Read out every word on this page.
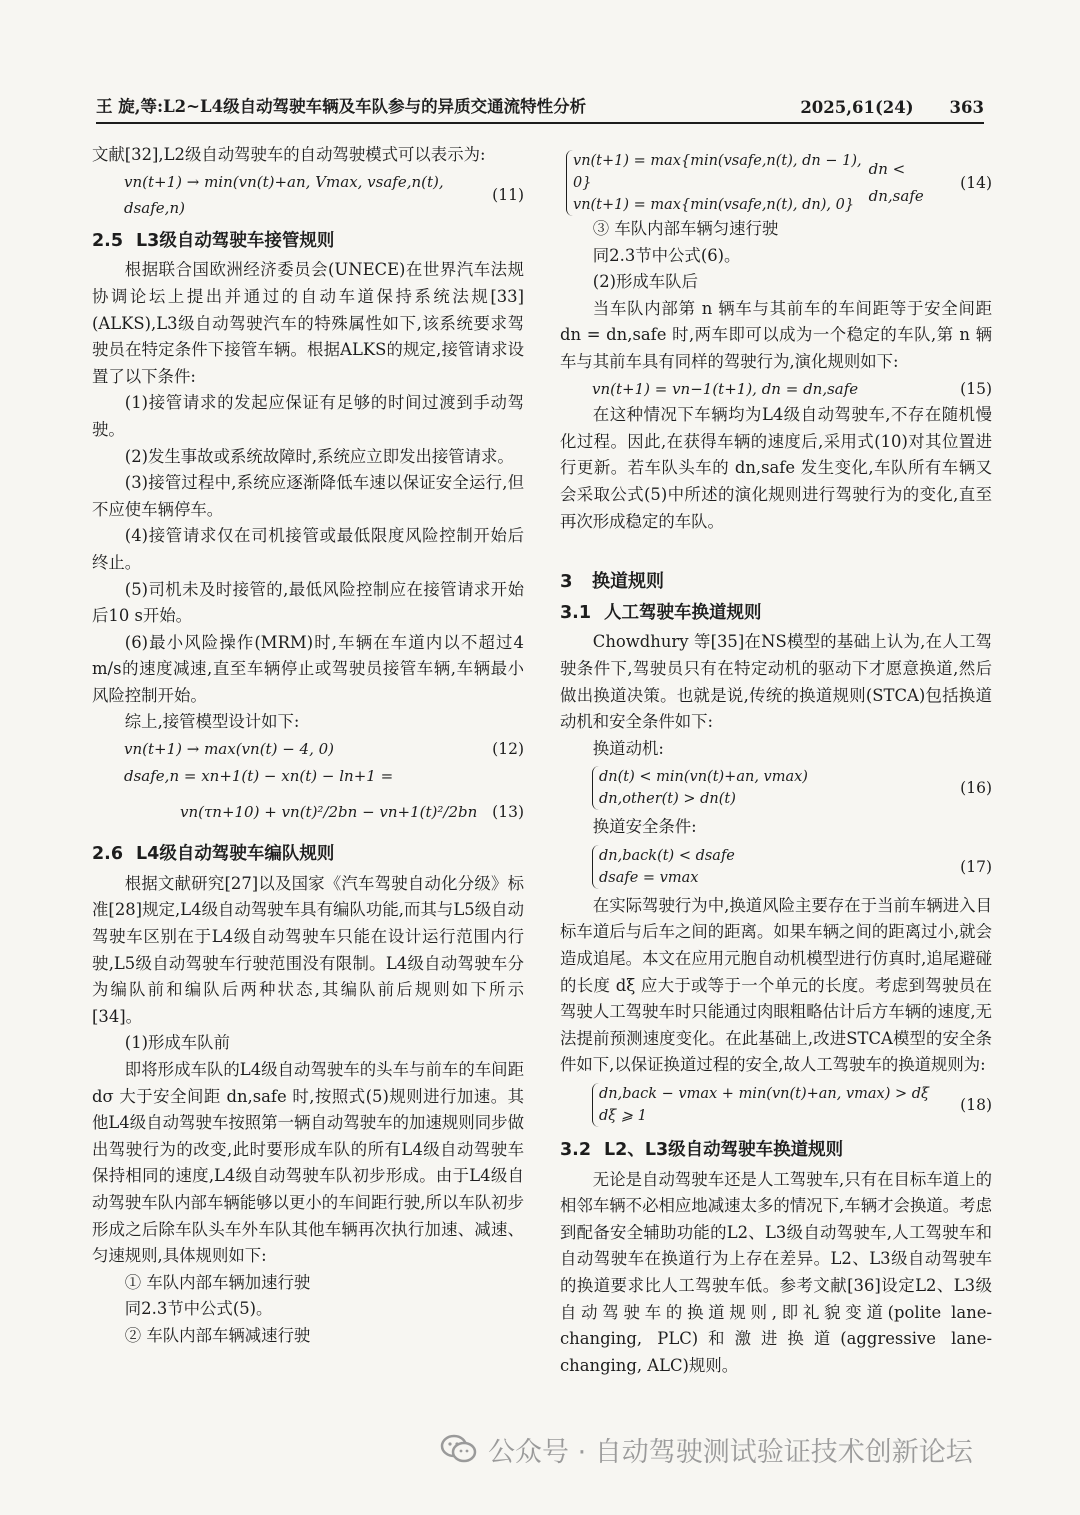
王 旋,等:L2~L4级自动驾驶车辆及车队参与的异质交通流特性分析	2025,61(24) 363

文献[32],L2级自动驾驶车的自动驾驶模式可以表示为:

vn(t+1) → min(vn(t)+an, Vmax, vsafe,n(t), dsafe,n)
(11)
2.5 L3级自动驾驶车接管规则

根据联合国欧洲经济委员会(UNECE)在世界汽车法规协调论坛上提出并通过的自动车道保持系统法规[33](ALKS),L3级自动驾驶汽车的特殊属性如下,该系统要求驾驶员在特定条件下接管车辆。根据ALKS的规定,接管请求设置了以下条件:

(1)接管请求的发起应保证有足够的时间过渡到手动驾驶。

(2)发生事故或系统故障时,系统应立即发出接管请求。

(3)接管过程中,系统应逐渐降低车速以保证安全运行,但不应使车辆停车。

(4)接管请求仅在司机接管或最低限度风险控制开始后终止。

(5)司机未及时接管的,最低风险控制应在接管请求开始后10 s开始。

(6)最小风险操作(MRM)时,车辆在车道内以不超过4 m/s的速度减速,直至车辆停止或驾驶员接管车辆,车辆最小风险控制开始。

综上,接管模型设计如下:

vn(t+1) → max(vn(t) − 4, 0)	(12)
dsafe,n = xn+1(t) − xn(t) − ln+1 =
vn(τn+10) + vn(t)²/2bn − vn+1(t)²/2bn (13)
2.6 L4级自动驾驶车编队规则

根据文献研究[27]以及国家《汽车驾驶自动化分级》标准[28]规定,L4级自动驾驶车具有编队功能,而其与L5级自动驾驶车区别在于L4级自动驾驶车只能在设计运行范围内行驶,L5级自动驾驶车行驶范围没有限制。L4级自动驾驶车分为编队前和编队后两种状态,其编队前后规则如下所示[34]。

(1)形成车队前

即将形成车队的L4级自动驾驶车的头车与前车的车间距 dσ 大于安全间距 dn,safe 时,按照式(5)规则进行加速。其他L4级自动驾驶车按照第一辆自动驾驶车的加速规则同步做出驾驶行为的改变,此时要形成车队的所有L4级自动驾驶车保持相同的速度,L4级自动驾驶车队初步形成。由于L4级自动驾驶车队内部车辆能够以更小的车间距行驶,所以车队初步形成之后除车队头车外车队其他车辆再次执行加速、减速、匀速规则,具体规则如下:

① 车队内部车辆加速行驶

同2.3节中公式(5)。

② 车队内部车辆减速行驶

vn(t+1) = max{min(vsafe,n(t), dn − 1), 0}
vn(t+1) = max{min(vsafe,n(t), dn), 0}
dn < dn,safe
(14)

③ 车队内部车辆匀速行驶

同2.3节中公式(6)。

(2)形成车队后

当车队内部第 n 辆车与其前车的车间距等于安全间距 dn = dn,safe 时,两车即可以成为一个稳定的车队,第 n 辆车与其前车具有同样的驾驶行为,演化规则如下:

vn(t+1) = vn−1(t+1), dn = dn,safe	(15)

在这种情况下车辆均为L4级自动驾驶车,不存在随机慢化过程。因此,在获得车辆的速度后,采用式(10)对其位置进行更新。若车队头车的 dn,safe 发生变化,车队所有车辆又会采取公式(5)中所述的演化规则进行驾驶行为的变化,直至再次形成稳定的车队。

3 换道规则
3.1 人工驾驶车换道规则

Chowdhury 等[35]在NS模型的基础上认为,在人工驾驶条件下,驾驶员只有在特定动机的驱动下才愿意换道,然后做出换道决策。也就是说,传统的换道规则(STCA)包括换道动机和安全条件如下:

换道动机:

dn(t) < min(vn(t)+an, vmax)
dn,other(t) > dn(t)
(16)

换道安全条件:

dn,back(t) < dsafe
dsafe = vmax
(17)

在实际驾驶行为中,换道风险主要存在于当前车辆进入目标车道后与后车之间的距离。如果车辆之间的距离过小,就会造成追尾。本文在应用元胞自动机模型进行仿真时,追尾避碰的长度 dξ 应大于或等于一个单元的长度。考虑到驾驶员在驾驶人工驾驶车时只能通过肉眼粗略估计后方车辆的速度,无法提前预测速度变化。在此基础上,改进STCA模型的安全条件如下,以保证换道过程的安全,故人工驾驶车的换道规则为:

dn,back − vmax + min(vn(t)+an, vmax) > dξ
dξ ⩾ 1
(18)
3.2 L2、L3级自动驾驶车换道规则

无论是自动驾驶车还是人工驾驶车,只有在目标车道上的相邻车辆不必相应地减速太多的情况下,车辆才会换道。考虑到配备安全辅助功能的L2、L3级自动驾驶车,人工驾驶车和自动驾驶车在换道行为上存在差异。L2、L3级自动驾驶车的换道要求比人工驾驶车低。参考文献[36]设定L2、L3级自动驾驶车的换道规则,即礼貌变道(polite lane-changing, PLC)和激进换道(aggressive lane-changing, ALC)规则。

公众号 · 自动驾驶测试验证技术创新论坛
